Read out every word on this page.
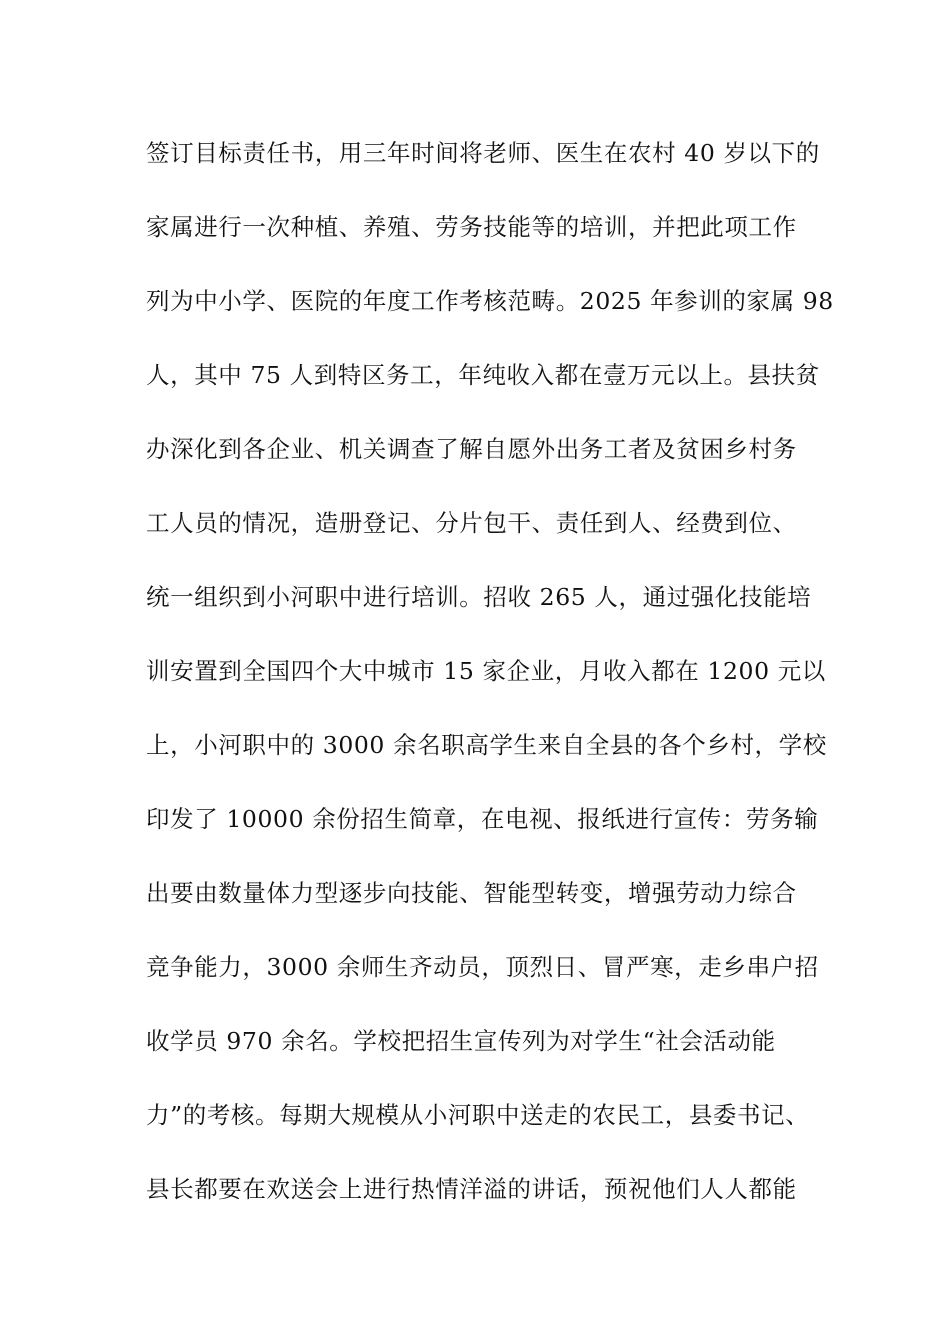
签订目标责任书，用三年时间将老师、医生在农村 40 岁以下的
家属进行一次种植、养殖、劳务技能等的培训，并把此项工作
列为中小学、医院的年度工作考核范畴。2025 年参训的家属 98
人，其中 75 人到特区务工，年纯收入都在壹万元以上。县扶贫
办深化到各企业、机关调查了解自愿外出务工者及贫困乡村务
工人员的情况，造册登记、分片包干、责任到人、经费到位、
统一组织到小河职中进行培训。招收 265 人，通过强化技能培
训安置到全国四个大中城市 15 家企业，月收入都在 1200 元以
上，小河职中的 3000 余名职高学生来自全县的各个乡村，学校
印发了 10000 余份招生简章，在电视、报纸进行宣传：劳务输
出要由数量体力型逐步向技能、智能型转变，增强劳动力综合
竞争能力，3000 余师生齐动员，顶烈日、冒严寒，走乡串户招
收学员 970 余名。学校把招生宣传列为对学生“社会活动能
力”的考核。每期大规模从小河职中送走的农民工，县委书记、
县长都要在欢送会上进行热情洋溢的讲话，预祝他们人人都能
